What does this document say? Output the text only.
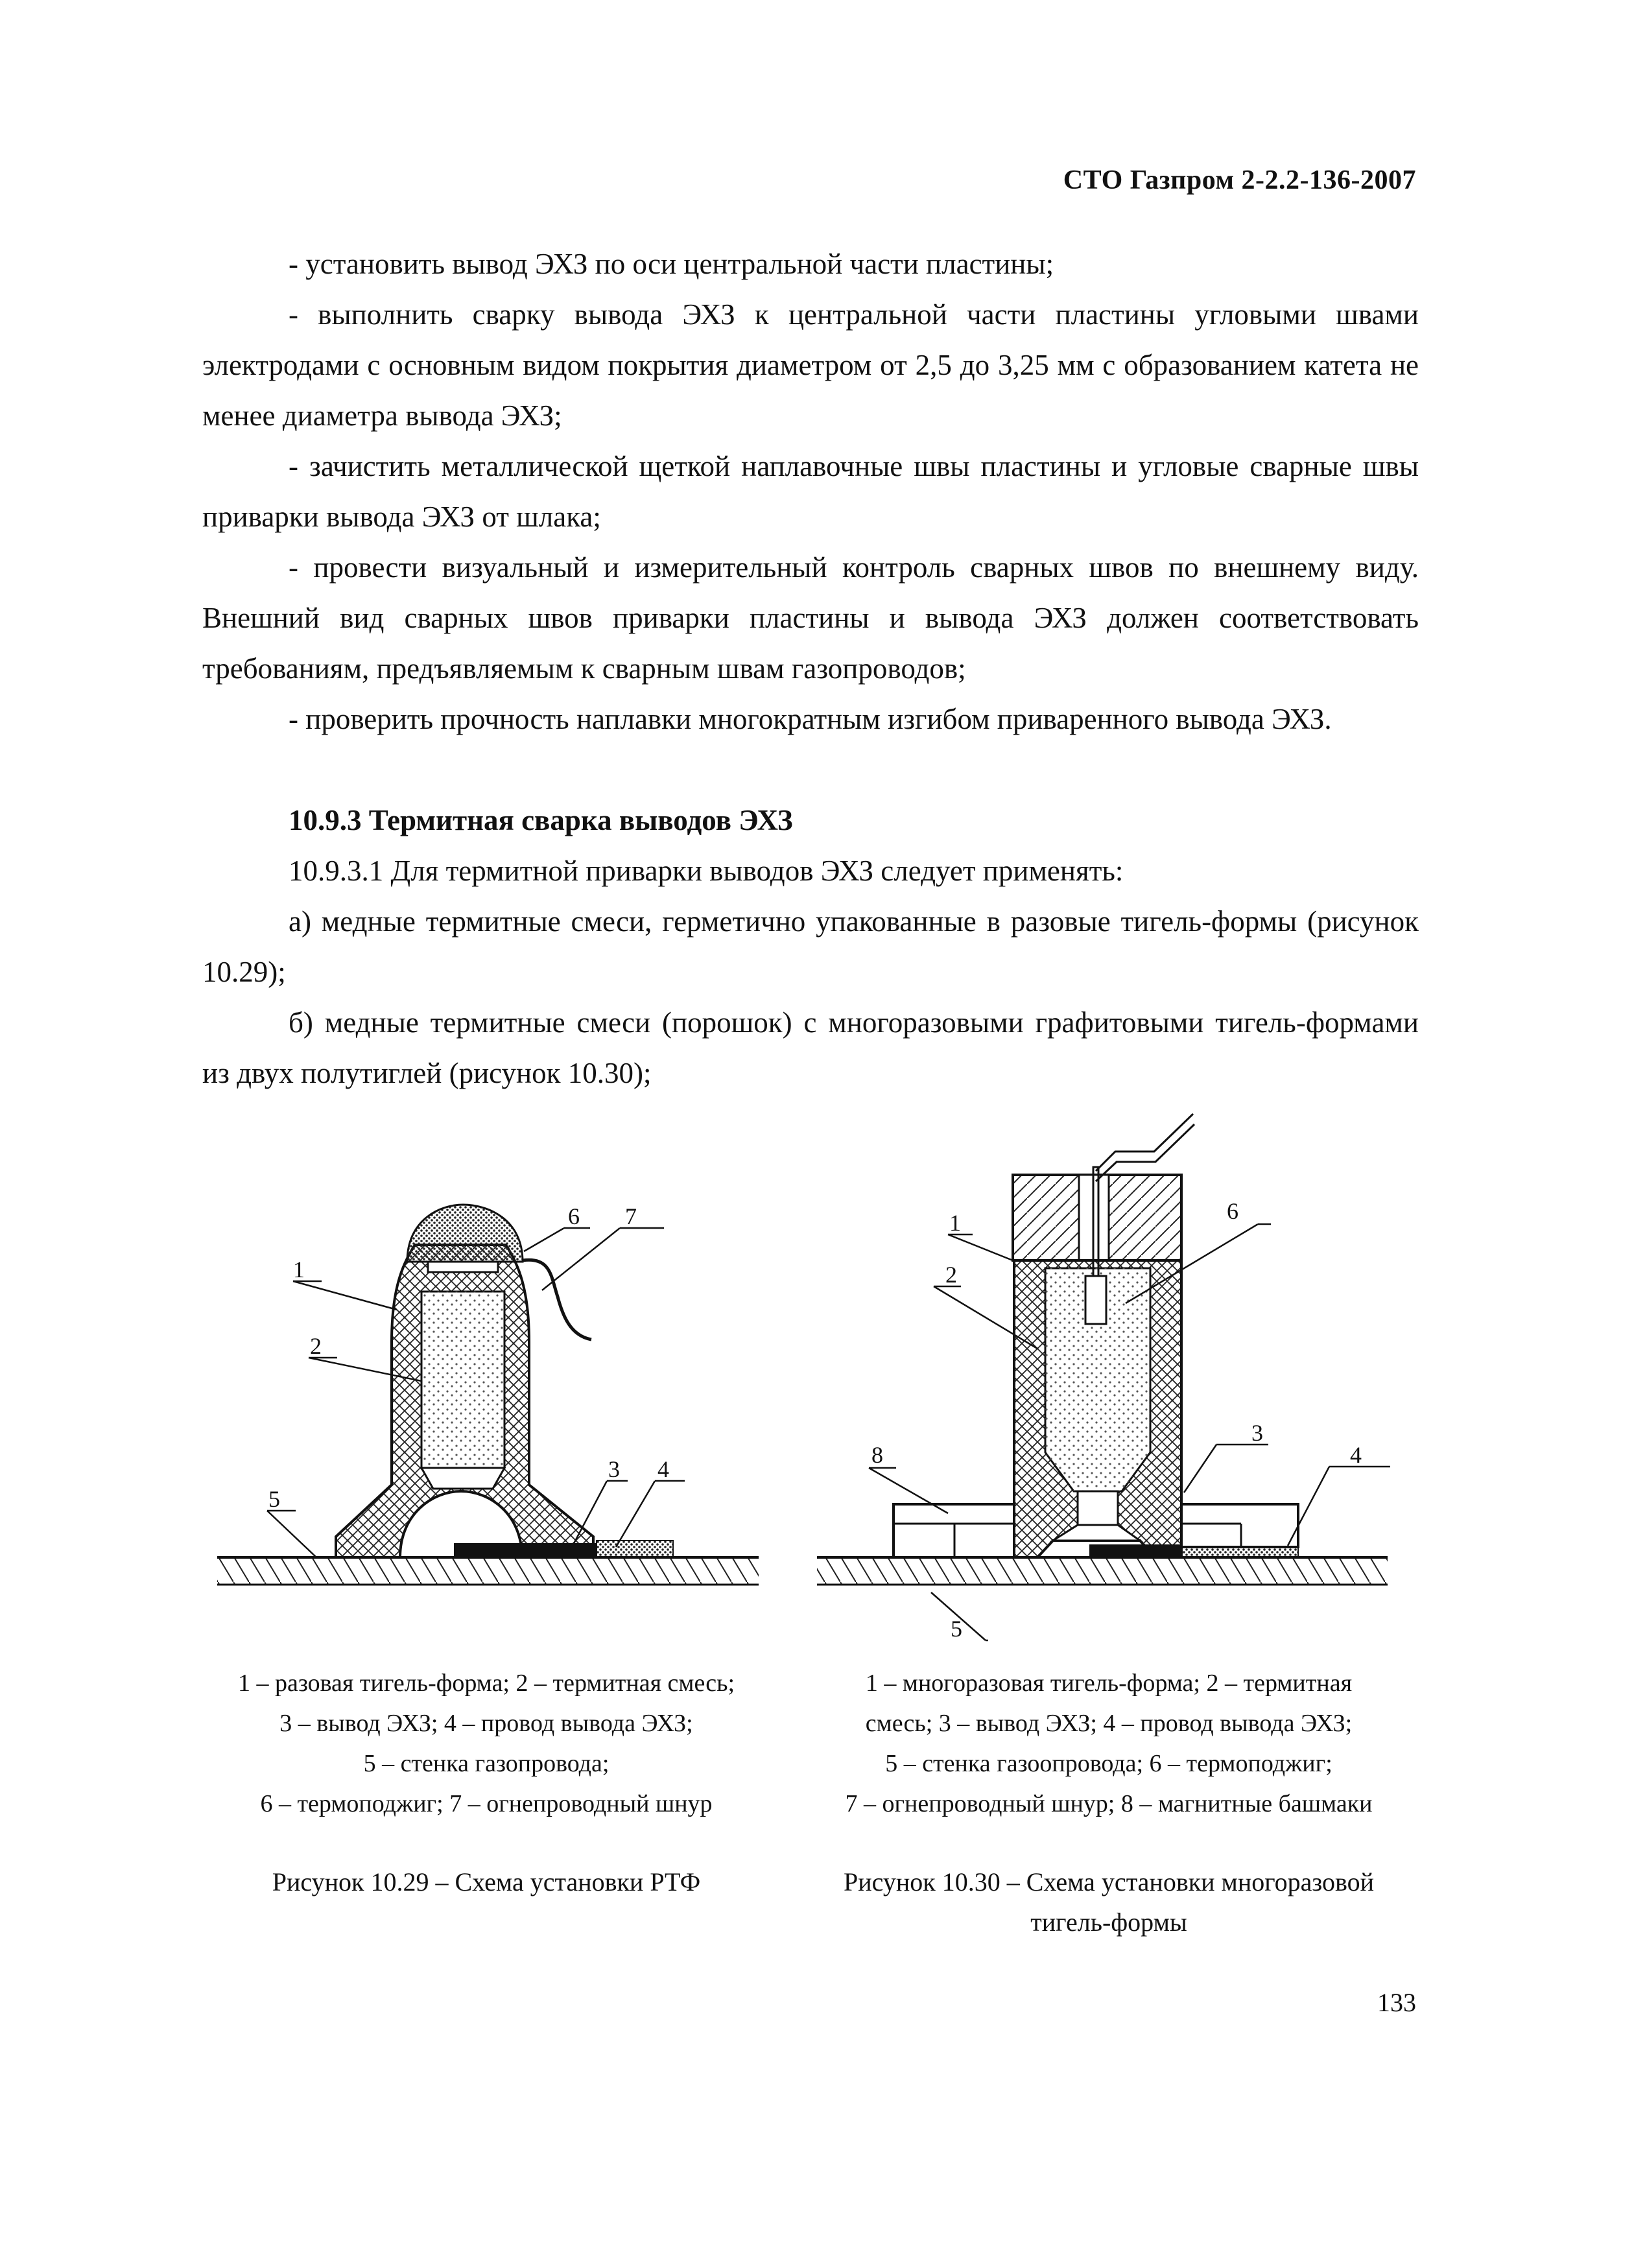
СТО Газпром 2-2.2-136-2007

- установить вывод ЭХЗ по оси центральной части пластины;

- выполнить сварку вывода ЭХЗ к центральной части пластины угловыми швами электродами с основным видом покрытия диаметром от 2,5 до 3,25 мм с образованием катета не менее диаметра вывода ЭХЗ;

- зачистить металлической щеткой наплавочные швы пластины и угловые сварные швы приварки вывода ЭХЗ от шлака;

- провести визуальный и измерительный контроль сварных швов по внешнему виду. Внешний вид сварных швов приварки пластины и вывода ЭХЗ должен соответствовать требованиям, предъявляемым к сварным швам газопроводов;

- проверить прочность наплавки многократным изгибом приваренного вывода ЭХЗ.

10.9.3 Термитная сварка выводов ЭХЗ

10.9.3.1 Для термитной приварки выводов ЭХЗ следует применять:

а) медные термитные смеси, герметично упакованные в разовые тигель-формы (рисунок 10.29);

б) медные термитные смеси (порошок) с многоразовыми графитовыми тигель-формами из двух полутиглей (рисунок 10.30);

1
2
3 4
5
6 7	1
2
3
4
5
6
8
1 – разовая тигель-форма; 2 – термитная смесь;
3 – вывод ЭХЗ; 4 – провод вывода ЭХЗ;
5 – стенка газопровода;
6 – термоподжиг; 7 – огнепроводный шнур
Рисунок 10.29 – Схема установки РТФ
1 – многоразовая тигель-форма; 2 – термитная
смесь; 3 – вывод ЭХЗ; 4 – провод вывода ЭХЗ;
5 – стенка газоопровода; 6 – термоподжиг;
7 – огнепроводный шнур; 8 – магнитные башмаки
Рисунок 10.30 – Схема установки многоразовой
тигель-формы
133
